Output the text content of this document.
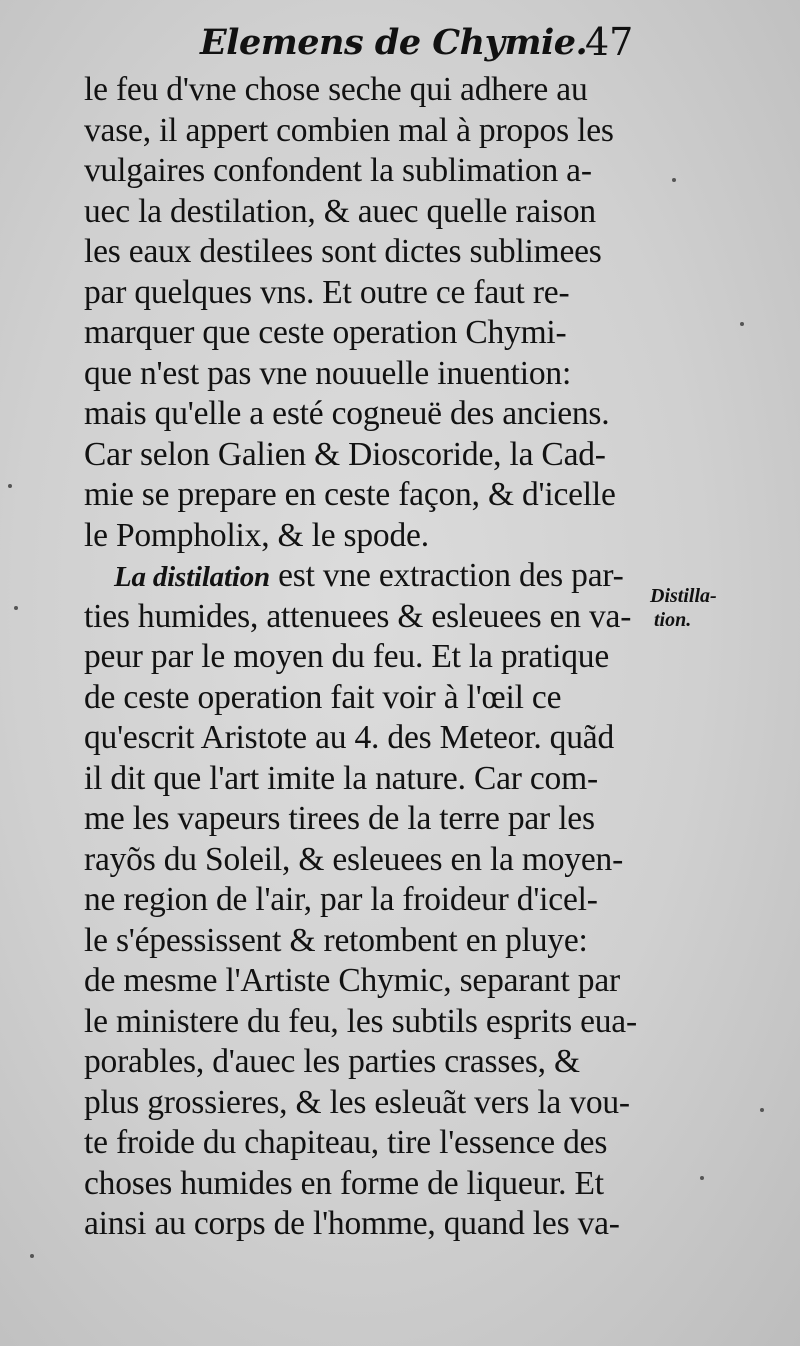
Elemens de Chymie.
47
le feu d'vne chose seche qui adhere au
vase, il appert combien mal à propos les
vulgaires confondent la sublimation a-
uec la destilation, & auec quelle raison
les eaux destilees sont dictes sublimees
par quelques vns. Et outre ce faut re-
marquer que ceste operation Chymi-
que n'est pas vne nouuelle inuention:
mais qu'elle a esté cogneuë des anciens.
Car selon Galien & Dioscoride, la Cad-
mie se prepare en ceste façon, & d'icelle
le Pompholix, & le spode.
La distilation est vne extraction des par-
ties humides, attenuees & esleuees en va-
peur par le moyen du feu. Et la pratique
de ceste operation fait voir à l'œil ce
qu'escrit Aristote au 4. des Meteor. quãd
il dit que l'art imite la nature. Car com-
me les vapeurs tirees de la terre par les
rayõs du Soleil, & esleuees en la moyen-
ne region de l'air, par la froideur d'icel-
le s'épessissent & retombent en pluye:
de mesme l'Artiste Chymic, separant par
le ministere du feu, les subtils esprits eua-
porables, d'auec les parties crasses, &
plus grossieres, & les esleuãt vers la vou-
te froide du chapiteau, tire l'essence des
choses humides en forme de liqueur. Et
ainsi au corps de l'homme, quand les va-
Distilla-
tion.
